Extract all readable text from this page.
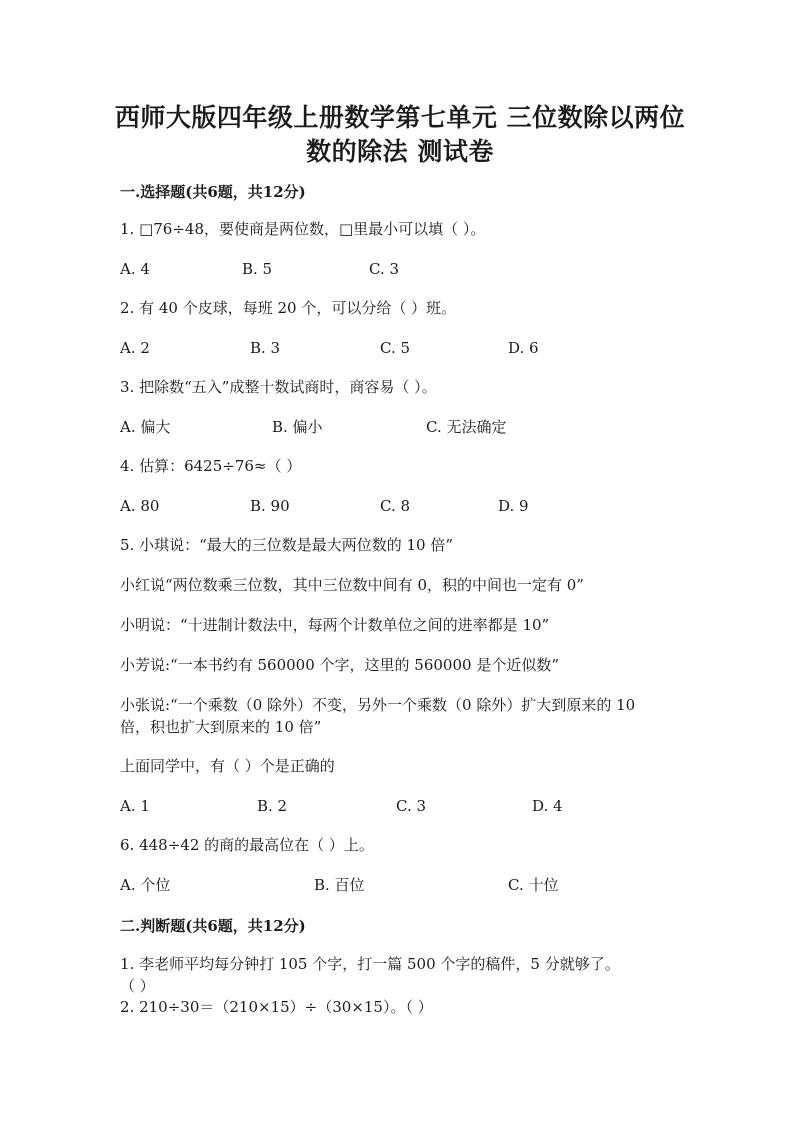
西师大版四年级上册数学第七单元 三位数除以两位
数的除法 测试卷
一.选择题(共6题，共12分)
1. □76÷48，要使商是两位数，□里最小可以填（ ）。
A. 4	B. 5	C. 3
2. 有 40 个皮球，每班 20 个，可以分给（ ）班。
A. 2	B. 3	C. 5	D. 6
3. 把除数“五入”成整十数试商时，商容易（ ）。
A. 偏大	B. 偏小	C. 无法确定
4. 估算：6425÷76≈（ ）
A. 80	B. 90	C. 8	D. 9
5. 小琪说：“最大的三位数是最大两位数的 10 倍”
小红说“两位数乘三位数，其中三位数中间有 0，积的中间也一定有 0”
小明说：“十进制计数法中，每两个计数单位之间的进率都是 10”
小芳说:“一本书约有 560000 个字，这里的 560000 是个近似数”
小张说:“一个乘数（0 除外）不变，另外一个乘数（0 除外）扩大到原来的 10
倍，积也扩大到原来的 10 倍”
上面同学中，有（ ）个是正确的
A. 1	B. 2	C. 3	D. 4
6. 448÷42 的商的最高位在（ ）上。
A. 个位	B. 百位	C. 十位
二.判断题(共6题，共12分)
1. 李老师平均每分钟打 105 个字，打一篇 500 个字的稿件，5 分就够了。
（ ）
2. 210÷30＝（210×15）÷（30×15）。（ ）
